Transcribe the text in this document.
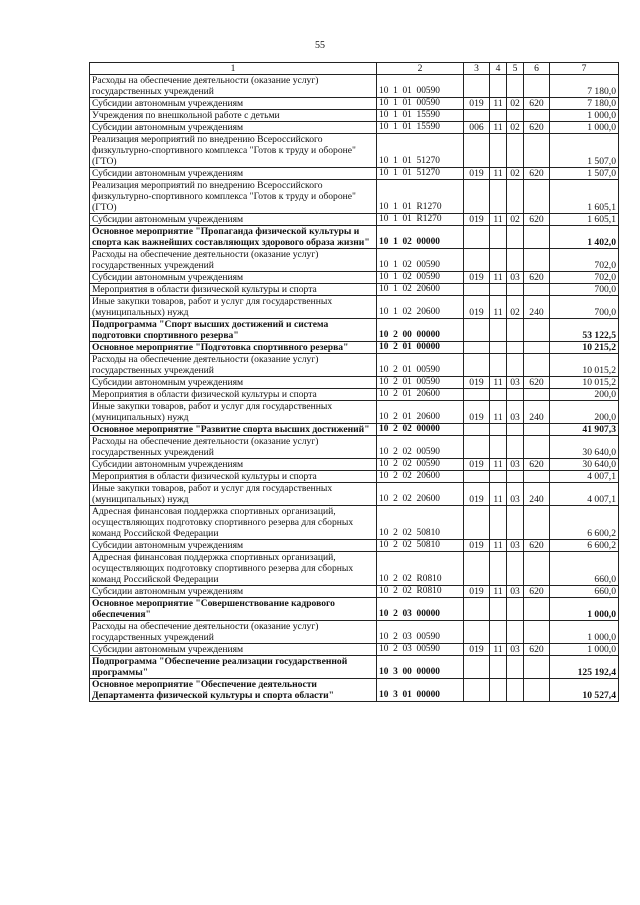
55
1	2	3	4	5	6	7
Расходы на обеспечение деятельности (оказание услуг) государственных учреждений	10  1  01  00590					7 180,0
Субсидии автономным учреждениям	10  1  01  00590	019	11	02	620	7 180,0
Учреждения по внешкольной работе с детьми	10  1  01  15590					1 000,0
Субсидии автономным учреждениям	10  1  01  15590	006	11	02	620	1 000,0
Реализация мероприятий по внедрению Всероссийского физкультурно-спортивного комплекса "Готов к труду и обороне" (ГТО)	10  1  01  51270					1 507,0
Субсидии автономным учреждениям	10  1  01  51270	019	11	02	620	1 507,0
Реализация мероприятий по внедрению Всероссийского физкультурно-спортивного комплекса "Готов к труду и обороне" (ГТО)	10  1  01  R1270					1 605,1
Субсидии автономным учреждениям	10  1  01  R1270	019	11	02	620	1 605,1
Основное мероприятие "Пропаганда физической культуры и спорта как важнейших составляющих здорового образа жизни"	10  1  02  00000					1 402,0
Расходы на обеспечение деятельности (оказание услуг) государственных учреждений	10  1  02  00590					702,0
Субсидии автономным учреждениям	10  1  02  00590	019	11	03	620	702,0
Мероприятия в области физической культуры и спорта	10  1  02  20600					700,0
Иные закупки товаров, работ и услуг для государственных (муниципальных) нужд	10  1  02  20600	019	11	02	240	700,0
Подпрограмма "Спорт высших достижений и система подготовки спортивного резерва"	10  2  00  00000					53 122,5
Основное мероприятие "Подготовка спортивного резерва"	10  2  01  00000					10 215,2
Расходы на обеспечение деятельности (оказание услуг) государственных учреждений	10  2  01  00590					10 015,2
Субсидии автономным учреждениям	10  2  01  00590	019	11	03	620	10 015,2
Мероприятия в области физической культуры и спорта	10  2  01  20600					200,0
Иные закупки товаров, работ и услуг для государственных (муниципальных) нужд	10  2  01  20600	019	11	03	240	200,0
Основное мероприятие "Развитие спорта высших достижений"	10  2  02  00000					41 907,3
Расходы на обеспечение деятельности (оказание услуг) государственных учреждений	10  2  02  00590					30 640,0
Субсидии автономным учреждениям	10  2  02  00590	019	11	03	620	30 640,0
Мероприятия в области физической культуры и спорта	10  2  02  20600					4 007,1
Иные закупки товаров, работ и услуг для государственных (муниципальных) нужд	10  2  02  20600	019	11	03	240	4 007,1
Адресная финансовая поддержка спортивных организаций, осуществляющих подготовку спортивного резерва для сборных команд Российской Федерации	10  2  02  50810					6 600,2
Субсидии автономным учреждениям	10  2  02  50810	019	11	03	620	6 600,2
Адресная финансовая поддержка спортивных организаций, осуществляющих подготовку спортивного резерва для сборных команд Российской Федерации	10  2  02  R0810					660,0
Субсидии автономным учреждениям	10  2  02  R0810	019	11	03	620	660,0
Основное мероприятие "Совершенствование кадрового обеспечения"	10  2  03  00000					1 000,0
Расходы на обеспечение деятельности (оказание услуг) государственных учреждений	10  2  03  00590					1 000,0
Субсидии автономным учреждениям	10  2  03  00590	019	11	03	620	1 000,0
Подпрограмма "Обеспечение реализации государственной программы"	10  3  00  00000					125 192,4
Основное мероприятие "Обеспечение деятельности Департамента физической культуры и спорта области"	10  3  01  00000					10 527,4
